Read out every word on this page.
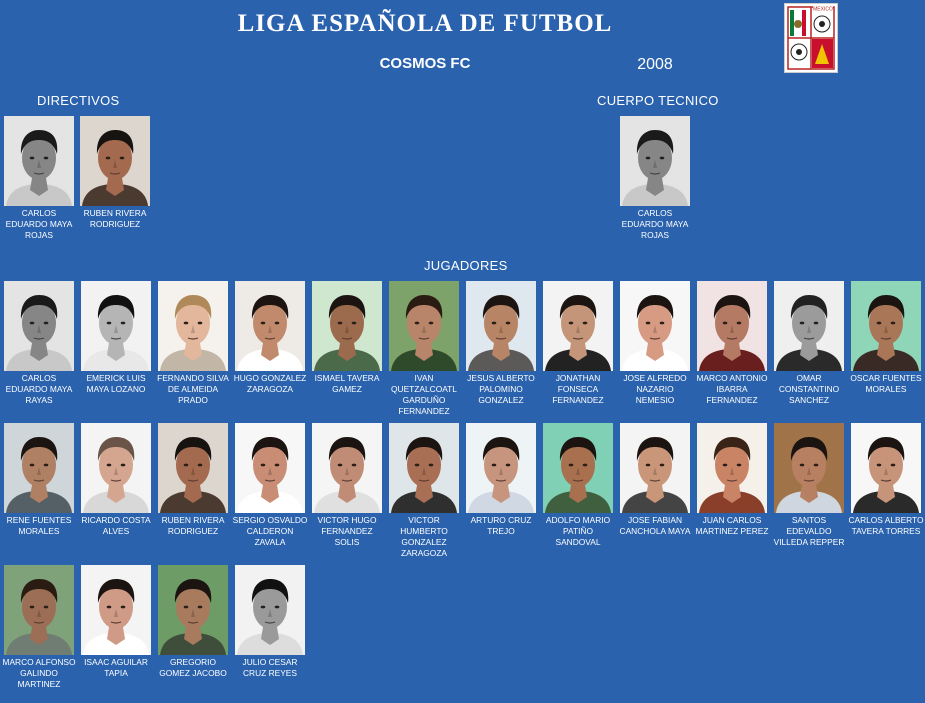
LIGA ESPAÑOLA DE FUTBOL
COSMOS FC	2008
MEXICO
DIRECTIVOS	CUERPO TECNICO
JUGADORES
CARLOS EDUARDO MAYA ROJAS
RUBEN RIVERA RODRIGUEZ
CARLOS EDUARDO MAYA ROJAS
CARLOS EDUARDO MAYA RAYAS
EMERICK LUIS MAYA LOZANO
FERNANDO SILVA DE ALMEIDA PRADO
HUGO GONZALEZ ZARAGOZA
ISMAEL TAVERA GAMEZ
IVAN QUETZALCOATL GARDUÑO FERNANDEZ
JESUS ALBERTO PALOMINO GONZALEZ
JONATHAN FONSECA FERNANDEZ
JOSE ALFREDO NAZARIO NEMESIO
MARCO ANTONIO IBARRA FERNANDEZ
OMAR CONSTANTINO SANCHEZ
OSCAR FUENTES MORALES
RENE FUENTES MORALES
RICARDO COSTA ALVES
RUBEN RIVERA RODRIGUEZ
SERGIO OSVALDO CALDERON ZAVALA
VICTOR HUGO FERNANDEZ SOLIS
VICTOR HUMBERTO GONZALEZ ZARAGOZA
ARTURO CRUZ TREJO
ADOLFO MARIO PATIÑO SANDOVAL
JOSE FABIAN CANCHOLA MAYA
JUAN CARLOS MARTINEZ PEREZ
SANTOS EDEVALDO VILLEDA REPPER
CARLOS ALBERTO TAVERA TORRES
MARCO ALFONSO GALINDO MARTINEZ
ISAAC AGUILAR TAPIA
GREGORIO GOMEZ JACOBO
JULIO CESAR CRUZ REYES
